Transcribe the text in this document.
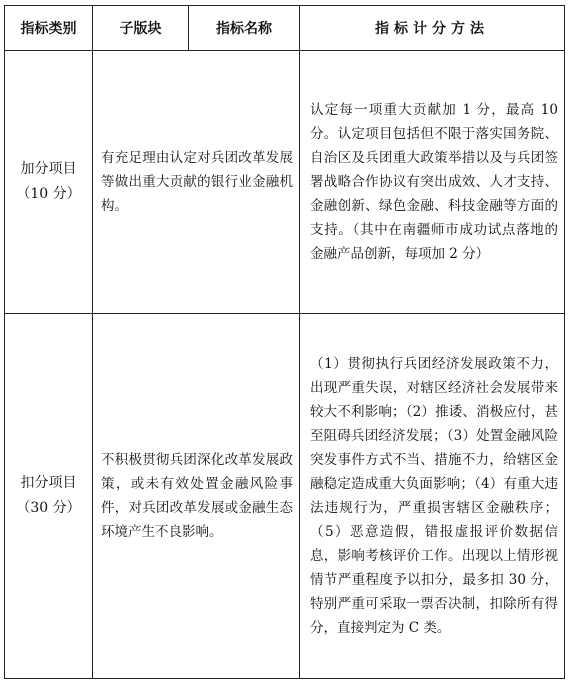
指标类别	子版块	指标名称	指标计分方法

加分项目
（10 分）	有充足理由认定对兵团改革发展等做出重大贡献的银行业金融机构。		认定每一项重大贡献加 1 分，最高 10 分。认定项目包括但不限于落实国务院、自治区及兵团重大政策举措以及与兵团签署战略合作协议有突出成效、人才支持、金融创新、绿色金融、科技金融等方面的支持。（其中在南疆师市成功试点落地的金融产品创新，每项加 2 分）

扣分项目
（30 分）	不积极贯彻兵团深化改革发展政策，或未有效处置金融风险事件，对兵团改革发展或金融生态环境产生不良影响。		（1）贯彻执行兵团经济发展政策不力，出现严重失误，对辖区经济社会发展带来较大不利影响；（2）推诿、消极应付，甚至阻碍兵团经济发展；（3）处置金融风险突发事件方式不当、措施不力，给辖区金融稳定造成重大负面影响；（4）有重大违法违规行为，严重损害辖区金融秩序；（5）恶意造假，错报虚报评价数据信息，影响考核评价工作。出现以上情形视情节严重程度予以扣分，最多扣 30 分，特别严重可采取一票否决制，扣除所有得分，直接判定为 C 类。
